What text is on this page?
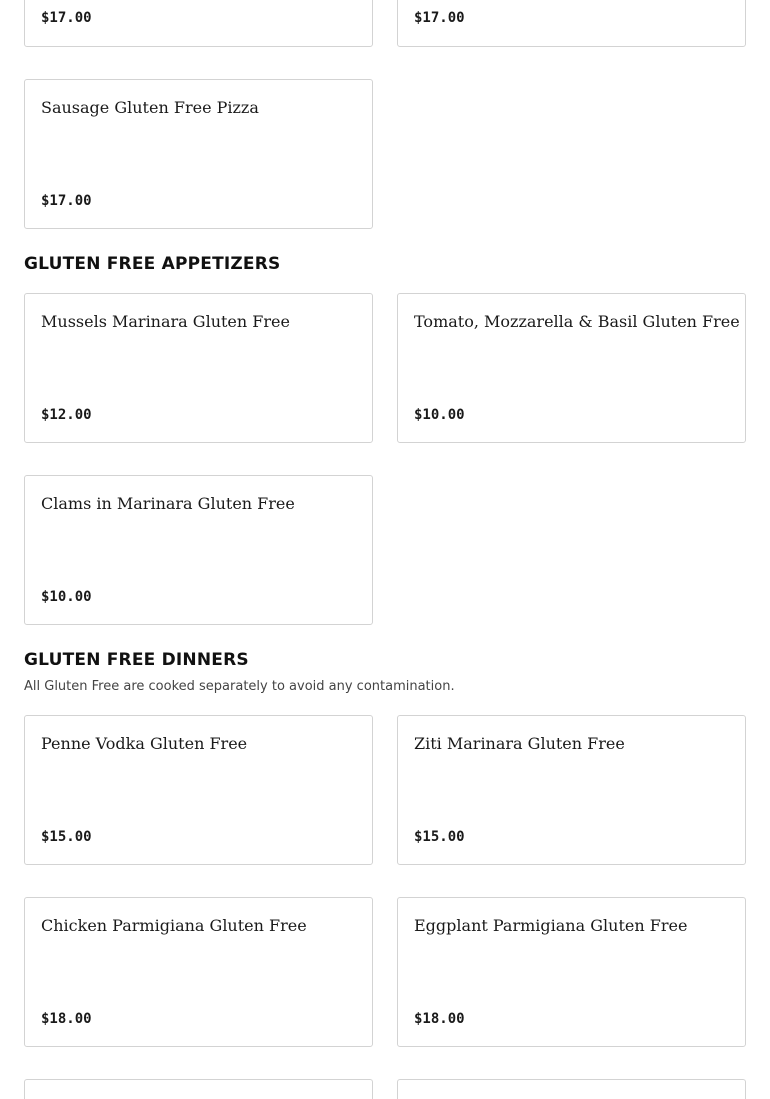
$17.00	$17.00
Sausage Gluten Free Pizza
$17.00
GLUTEN FREE APPETIZERS
Mussels Marinara Gluten Free
$12.00
Tomato, Mozzarella & Basil Gluten Free
$10.00
Clams in Marinara Gluten Free
$10.00
GLUTEN FREE DINNERS

All Gluten Free are cooked separately to avoid any contamination.

Penne Vodka Gluten Free
$15.00
Ziti Marinara Gluten Free
$15.00
Chicken Parmigiana Gluten Free
$18.00
Eggplant Parmigiana Gluten Free
$18.00
